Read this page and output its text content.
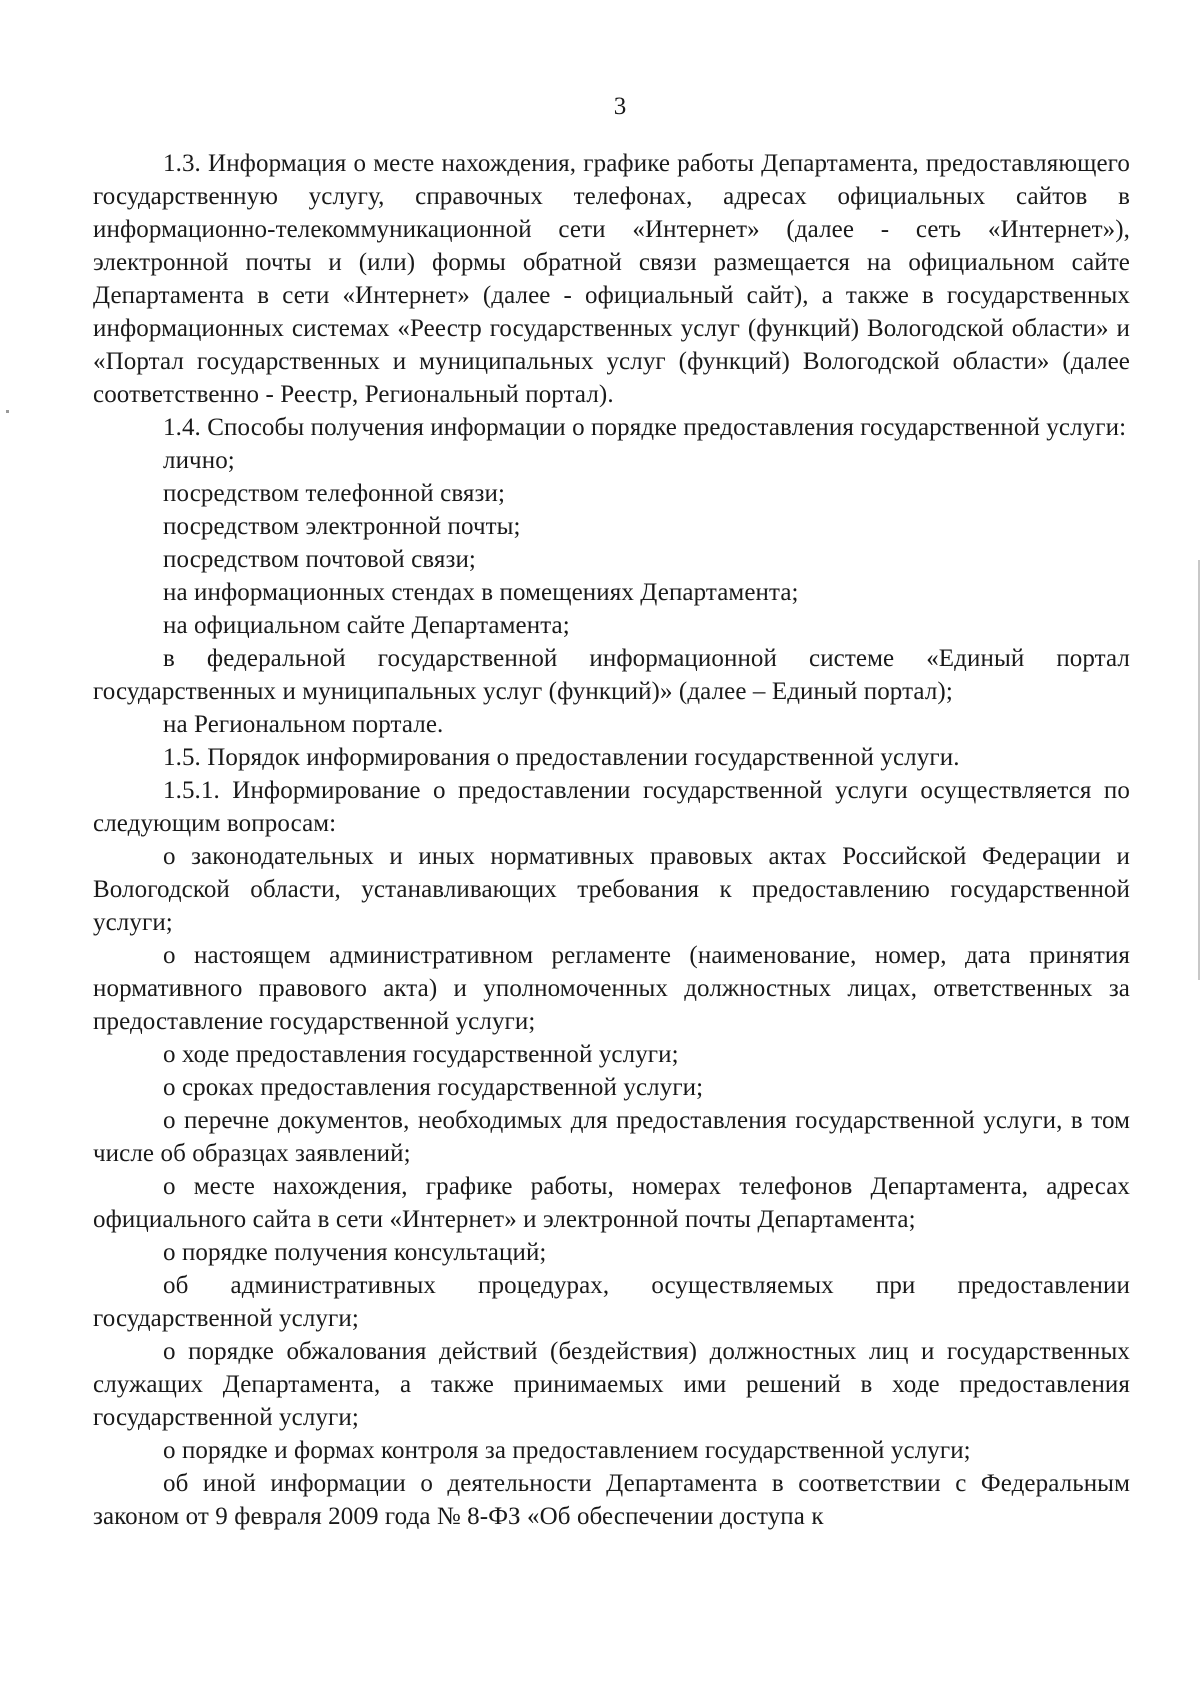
3

1.3. Информация о месте нахождения, графике работы Департамента, предоставляющего государственную услугу, справочных телефонах, адресах официальных сайтов в информационно-телекоммуникационной сети «Интернет» (далее - сеть «Интернет»), электронной почты и (или) формы обратной связи размещается на официальном сайте Департамента в сети «Интернет» (далее - официальный сайт), а также в государственных информационных системах «Реестр государственных услуг (функций) Вологодской области» и «Портал государственных и муниципальных услуг (функций) Вологодской области» (далее соответственно - Реестр, Региональный портал).

1.4. Способы получения информации о порядке предоставления государственной услуги:

лично;

посредством телефонной связи;

посредством электронной почты;

посредством почтовой связи;

на информационных стендах в помещениях Департамента;

на официальном сайте Департамента;

в федеральной государственной информационной системе «Единый портал государственных и муниципальных услуг (функций)» (далее – Единый портал);

на Региональном портале.

1.5. Порядок информирования о предоставлении государственной услуги.

1.5.1. Информирование о предоставлении государственной услуги осуществляется по следующим вопросам:

о законодательных и иных нормативных правовых актах Российской Федерации и Вологодской области, устанавливающих требования к предоставлению государственной услуги;

о настоящем административном регламенте (наименование, номер, дата принятия нормативного правового акта) и уполномоченных должностных лицах, ответственных за предоставление государственной услуги;

о ходе предоставления государственной услуги;

о сроках предоставления государственной услуги;

о перечне документов, необходимых для предоставления государственной услуги, в том числе об образцах заявлений;

о месте нахождения, графике работы, номерах телефонов Департамента, адресах официального сайта в сети «Интернет» и электронной почты Департамента;

о порядке получения консультаций;

об административных процедурах, осуществляемых при предоставлении государственной услуги;

о порядке обжалования действий (бездействия) должностных лиц и государственных служащих Департамента, а также принимаемых ими решений в ходе предоставления государственной услуги;

о порядке и формах контроля за предоставлением государственной услуги;

об иной информации о деятельности Департамента в соответствии с Федеральным законом от 9 февраля 2009 года № 8-ФЗ «Об обеспечении доступа к
